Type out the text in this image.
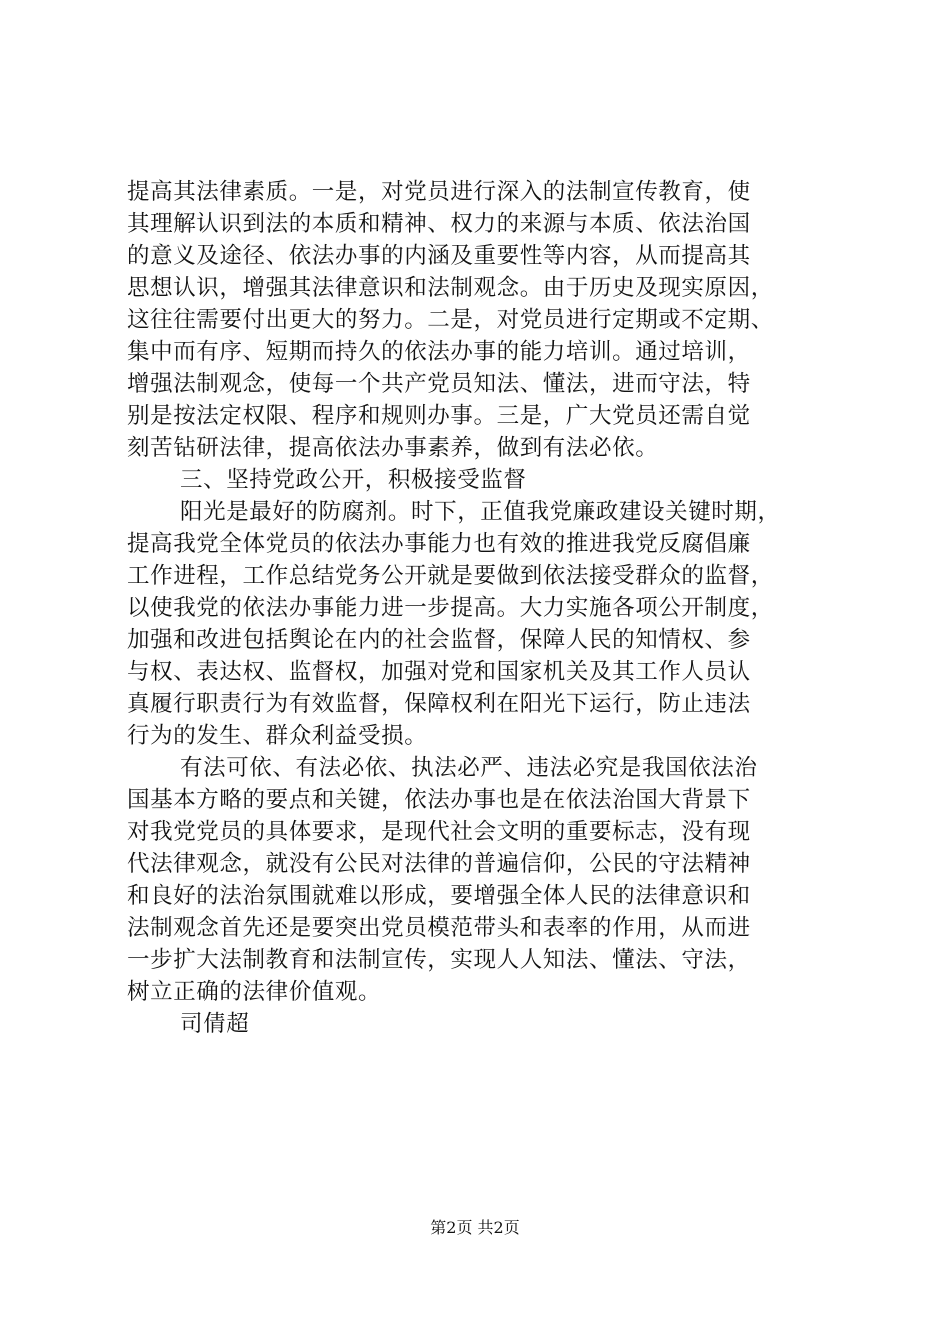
提高其法律素质。一是，对党员进行深入的法制宣传教育，使
其理解认识到法的本质和精神、权力的来源与本质、依法治国
的意义及途径、依法办事的内涵及重要性等内容，从而提高其
思想认识，增强其法律意识和法制观念。由于历史及现实原因，
这往往需要付出更大的努力。二是，对党员进行定期或不定期、
集中而有序、短期而持久的依法办事的能力培训。通过培训，
增强法制观念，使每一个共产党员知法、懂法，进而守法，特
别是按法定权限、程序和规则办事。三是，广大党员还需自觉
刻苦钻研法律，提高依法办事素养，做到有法必依。
三、坚持党政公开，积极接受监督
阳光是最好的防腐剂。时下，正值我党廉政建设关键时期，
提高我党全体党员的依法办事能力也有效的推进我党反腐倡廉
工作进程，工作总结党务公开就是要做到依法接受群众的监督，
以使我党的依法办事能力进一步提高。大力实施各项公开制度，
加强和改进包括舆论在内的社会监督，保障人民的知情权、参
与权、表达权、监督权，加强对党和国家机关及其工作人员认
真履行职责行为有效监督，保障权利在阳光下运行，防止违法
行为的发生、群众利益受损。
有法可依、有法必依、执法必严、违法必究是我国依法治
国基本方略的要点和关键，依法办事也是在依法治国大背景下
对我党党员的具体要求，是现代社会文明的重要标志，没有现
代法律观念，就没有公民对法律的普遍信仰，公民的守法精神
和良好的法治氛围就难以形成，要增强全体人民的法律意识和
法制观念首先还是要突出党员模范带头和表率的作用，从而进
一步扩大法制教育和法制宣传，实现人人知法、懂法、守法，
树立正确的法律价值观。
司倩超
第2页 共2页
